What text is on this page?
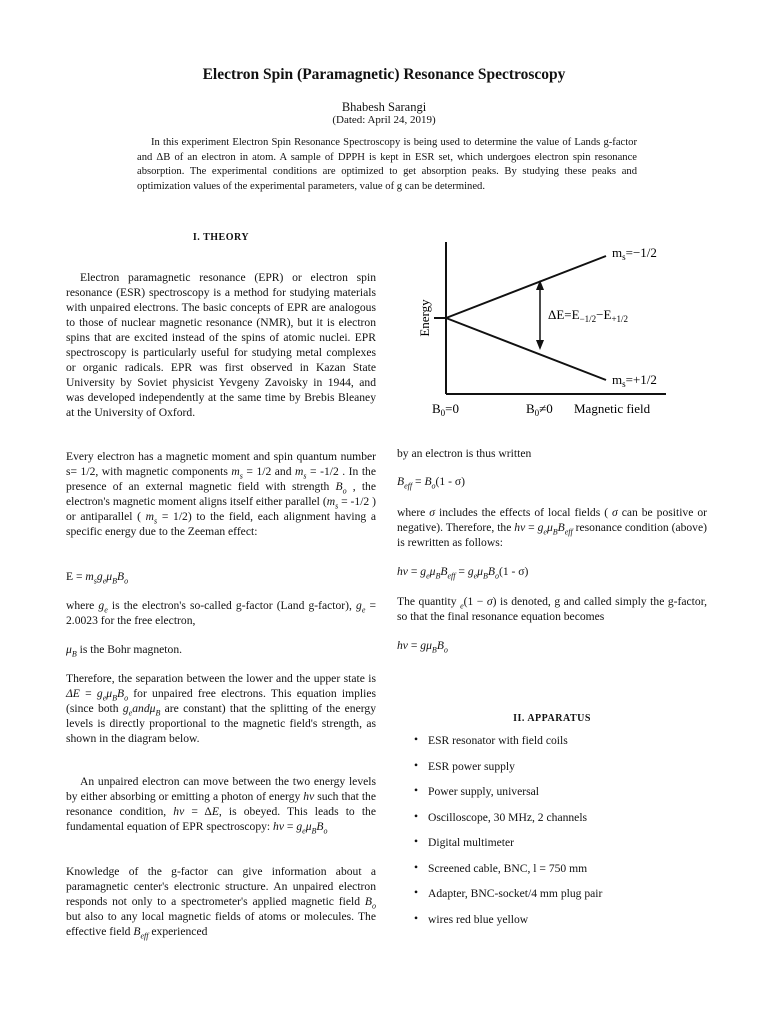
Electron Spin (Paramagnetic) Resonance Spectroscopy
Bhabesh Sarangi
(Dated: April 24, 2019)
In this experiment Electron Spin Resonance Spectroscopy is being used to determine the value of Lands g-factor and ΔB of an electron in atom. A sample of DPPH is kept in ESR set, which undergoes electron spin resonance absorption. The experimental conditions are optimized to get absorption peaks. By studying these peaks and optimization values of the experimental parameters, value of g can be determined.
I. THEORY
Electron paramagnetic resonance (EPR) or electron spin resonance (ESR) spectroscopy is a method for studying materials with unpaired electrons. The basic concepts of EPR are analogous to those of nuclear magnetic resonance (NMR), but it is electron spins that are excited instead of the spins of atomic nuclei. EPR spectroscopy is particularly useful for studying metal complexes or organic radicals. EPR was first observed in Kazan State University by Soviet physicist Yevgeny Zavoisky in 1944, and was developed independently at the same time by Brebis Bleaney at the University of Oxford.
Every electron has a magnetic moment and spin quantum number s= 1/2, with magnetic components $m_s = 1/2$ and $m_s = -1/2$ . In the presence of an external magnetic field with strength $B_o$ , the electron's magnetic moment aligns itself either parallel ($m_s = -1/2$ ) or antiparallel ( $m_s = 1/2$) to the field, each alignment having a specific energy due to the Zeeman effect:
$E = m_sg_e\mu_BB_o$
where $g_e$ is the electron's so-called g-factor (Land g-factor), $g_e = 2.0023$ for the free electron,
$\mu_B$ is the Bohr magneton.
Therefore, the separation between the lower and the upper state is $\Delta E = g_e\mu_BB_o$ for unpaired free electrons. This equation implies (since both $g_eand\mu_B$ are constant) that the splitting of the energy levels is directly proportional to the magnetic field's strength, as shown in the diagram below.
An unpaired electron can move between the two energy levels by either absorbing or emitting a photon of energy hν such that the resonance condition, hν = ΔE, is obeyed. This leads to the fundamental equation of EPR spectroscopy: $h\nu = g_e\mu_BB_o$
Knowledge of the g-factor can give information about a paramagnetic center's electronic structure. An unpaired electron responds not only to a spectrometer's applied magnetic field $B_o$ but also to any local magnetic fields of atoms or molecules. The effective field $B_{eff}$ experienced
Energy
$m_s=-1/2$
$m_s=+1/2$
$\Delta E=E_{-1/2}-E_{+1/2}$
$B_0=0$	$B_0\ne 0$ Magnetic field
by an electron is thus written
$B_{eff} = B_o(1 - \sigma)$
where σ includes the effects of local fields ( σ can be positive or negative). Therefore, the $h\nu = g_e\mu_BB_{eff}$ resonance condition (above) is rewritten as follows:
$h\nu = g_e\mu_BB_{eff} = g_e\mu_BB_o(1 - \sigma)$
The quantity $_e$(1 − σ) is denoted, g and called simply the g-factor, so that the final resonance equation becomes
$h\nu = g\mu_BB_o$
II. APPARATUS
• ESR resonator with field coils
• ESR power supply
• Power supply, universal
• Oscilloscope, 30 MHz, 2 channels
• Digital multimeter
• Screened cable, BNC, l = 750 mm
• Adapter, BNC-socket/4 mm plug pair
• wires red blue yellow
